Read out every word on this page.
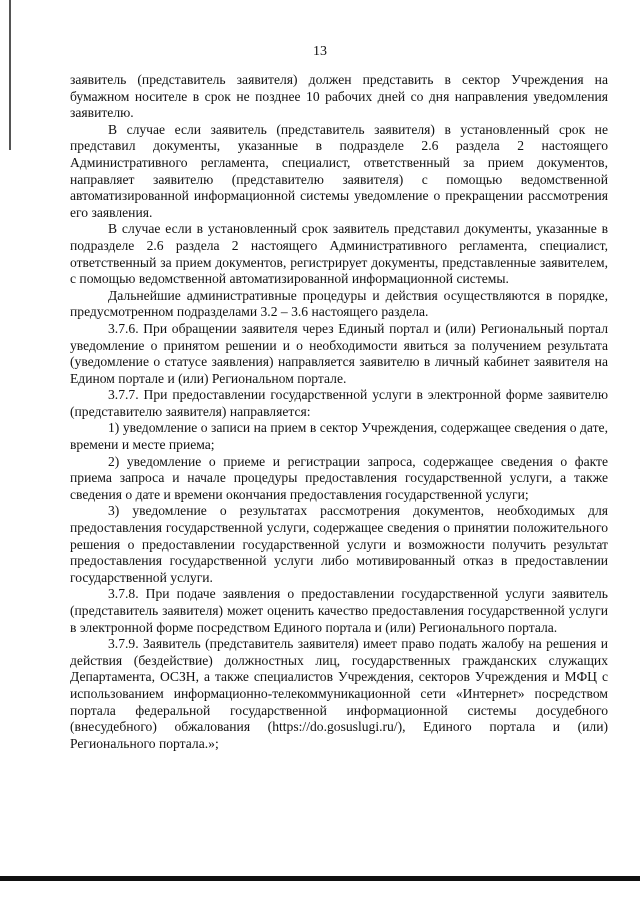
13

заявитель (представитель заявителя) должен представить в сектор Учреждения на бумажном носителе в срок не позднее 10 рабочих дней со дня направления уведомления заявителю.

В случае если заявитель (представитель заявителя) в установленный срок не представил документы, указанные в подразделе 2.6 раздела 2 настоящего Административного регламента, специалист, ответственный за прием документов, направляет заявителю (представителю заявителя) с помощью ведомственной автоматизированной информационной системы уведомление о прекращении рассмотрения его заявления.

В случае если в установленный срок заявитель представил документы, указанные в подразделе 2.6 раздела 2 настоящего Административного регламента, специалист, ответственный за прием документов, регистрирует документы, представленные заявителем, с помощью ведомственной автоматизированной информационной системы.

Дальнейшие административные процедуры и действия осуществляются в порядке, предусмотренном подразделами 3.2 – 3.6 настоящего раздела.

3.7.6. При обращении заявителя через Единый портал и (или) Региональный портал уведомление о принятом решении и о необходимости явиться за получением результата (уведомление о статусе заявления) направляется заявителю в личный кабинет заявителя на Едином портале и (или) Региональном портале.

3.7.7. При предоставлении государственной услуги в электронной форме заявителю (представителю заявителя) направляется:

1) уведомление о записи на прием в сектор Учреждения, содержащее сведения о дате, времени и месте приема;

2) уведомление о приеме и регистрации запроса, содержащее сведения о факте приема запроса и начале процедуры предоставления государственной услуги, а также сведения о дате и времени окончания предоставления государственной услуги;

3) уведомление о результатах рассмотрения документов, необходимых для предоставления государственной услуги, содержащее сведения о принятии положительного решения о предоставлении государственной услуги и возможности получить результат предоставления государственной услуги либо мотивированный отказ в предоставлении государственной услуги.

3.7.8. При подаче заявления о предоставлении государственной услуги заявитель (представитель заявителя) может оценить качество предоставления государственной услуги в электронной форме посредством Единого портала и (или) Регионального портала.

3.7.9. Заявитель (представитель заявителя) имеет право подать жалобу на решения и действия (бездействие) должностных лиц, государственных гражданских служащих Департамента, ОСЗН, а также специалистов Учреждения, секторов Учреждения и МФЦ с использованием информационно-телекоммуникационной сети «Интернет» посредством портала федеральной государственной информационной системы досудебного (внесудебного) обжалования (https://do.gosuslugi.ru/), Единого портала и (или) Регионального портала.»;
